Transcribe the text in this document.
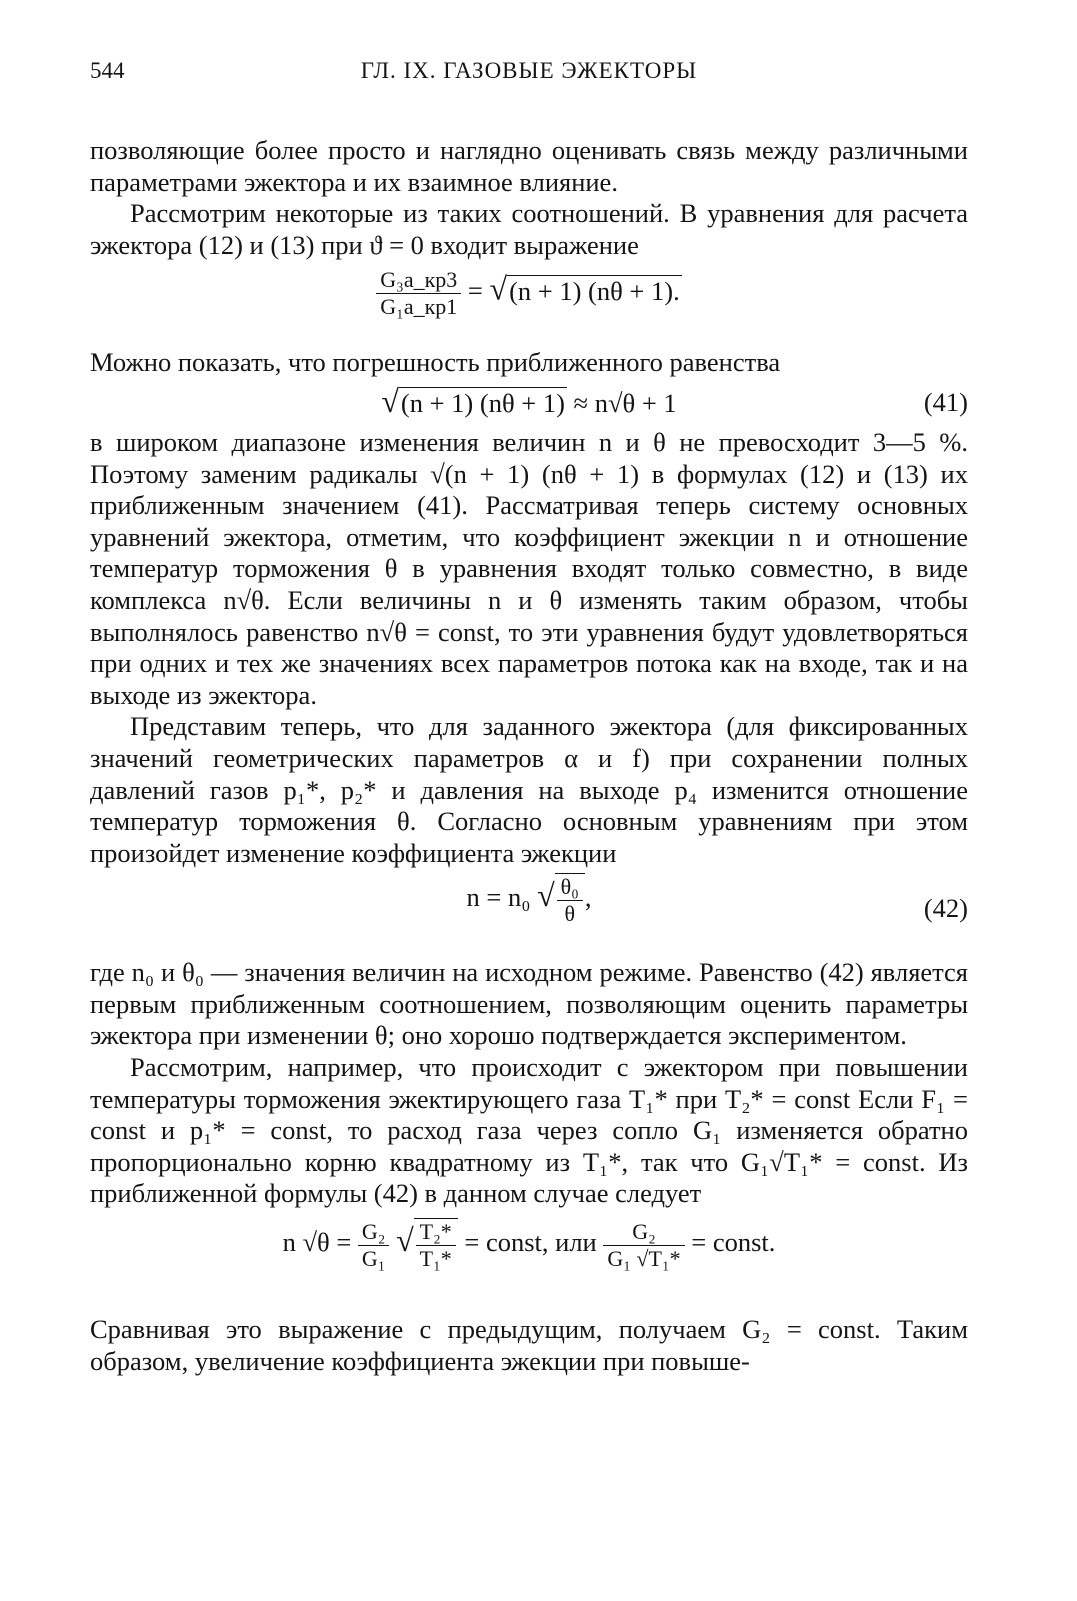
544	ГЛ. IX. ГАЗОВЫЕ ЭЖЕКТОРЫ

позволяющие более просто и наглядно оценивать связь между различными параметрами эжектора и их взаимное влияние.

Рассмотрим некоторые из таких соотношений. В уравнения для расчета эжектора (12) и (13) при ϑ = 0 входит выражение

$\frac{\text{G₃a\_кр3}}{\text{G₁a\_кр1}} = √(n + 1) (n\theta + 1)$.

Можно показать, что погрешность приближенного равенства

√(n + 1) (nθ + 1) ≈ n√θ + 1	(41)

в широком диапазоне изменения величин n и θ не превосходит 3—5 %. Поэтому заменим радикалы √(n + 1) (nθ + 1) в формулах (12) и (13) их приближенным значением (41). Рассматривая теперь систему основных уравнений эжектора, отметим, что коэффициент эжекции n и отношение температур торможения θ в уравнения входят только совместно, в виде комплекса n√θ. Если величины n и θ изменять таким образом, чтобы выполнялось равенство n√θ = const, то эти уравнения будут удовлетворяться при одних и тех же значениях всех параметров потока как на входе, так и на выходе из эжектора.

Представим теперь, что для заданного эжектора (для фиксированных значений геометрических параметров α и f) при сохранении полных давлений газов p₁*, p₂* и давления на выходе p₄ изменится отношение температур торможения θ. Согласно основным уравнениям при этом произойдет изменение коэффициента эжекции

n = n₀ √ $\frac{\text{θ₀}}{\theta}$ ,	(42)

где n₀ и θ₀ — значения величин на исходном режиме. Равенство (42) является первым приближенным соотношением, позволяющим оценить параметры эжектора при изменении θ; оно хорошо подтверждается экспериментом.

Рассмотрим, например, что происходит с эжектором при повышении температуры торможения эжектирующего газа T₁* при T₂* = const Если F₁ = const и p₁* = const, то расход газа через сопло G₁ изменяется обратно пропорционально корню квадратному из T₁*, так что G₁√T₁* = const. Из приближенной формулы (42) в данном случае следует

n $√\theta = \frac{\text{G₂}}{\text{G₁}}$ √ $\frac{\text{T₂*}}{\text{T₁*}}$ = const, или $\frac{\text{G₂}}{\text{G₁ √T₁*}}$ = const.

Сравнивая это выражение с предыдущим, получаем G₂ = const. Таким образом, увеличение коэффициента эжекции при повыше-
